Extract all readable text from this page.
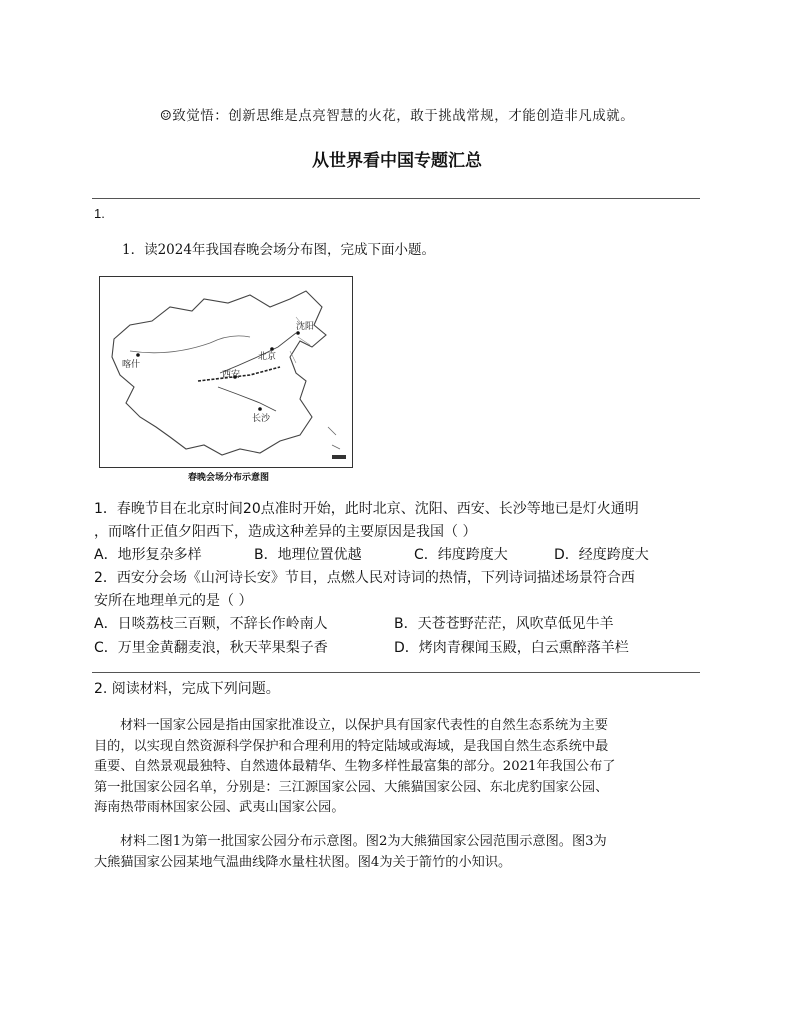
☺致觉悟：创新思维是点亮智慧的火花，敢于挑战常规，才能创造非凡成就。
从世界看中国专题汇总
1.
1．读2024年我国春晚会场分布图，完成下面小题。
沈阳
北京
西安
长沙
喀什
春晚会场分布示意图
1．春晚节目在北京时间20点准时开始，此时北京、沈阳、西安、长沙等地已是灯火通明
，而喀什正值夕阳西下，造成这种差异的主要原因是我国（ ）
A．地形复杂多样	B．地理位置优越	C．纬度跨度大	D．经度跨度大
2．西安分会场《山河诗长安》节目，点燃人民对诗词的热情，下列诗词描述场景符合西
安所在地理单元的是（ ）
A．日啖荔枝三百颗，不辞长作岭南人	B．天苍苍野茫茫，风吹草低见牛羊
C．万里金黄翻麦浪，秋天苹果梨子香	D．烤肉青稞闻玉殿，白云熏醉落羊栏
2. 阅读材料，完成下列问题。
材料一国家公园是指由国家批准设立，以保护具有国家代表性的自然生态系统为主要
目的，以实现自然资源科学保护和合理利用的特定陆域或海域，是我国自然生态系统中最
重要、自然景观最独特、自然遗体最精华、生物多样性最富集的部分。2021年我国公布了
第一批国家公园名单，分别是：三江源国家公园、大熊猫国家公园、东北虎豹国家公园、
海南热带雨林国家公园、武夷山国家公园。
材料二图1为第一批国家公园分布示意图。图2为大熊猫国家公园范围示意图。图3为
大熊猫国家公园某地气温曲线降水量柱状图。图4为关于箭竹的小知识。
